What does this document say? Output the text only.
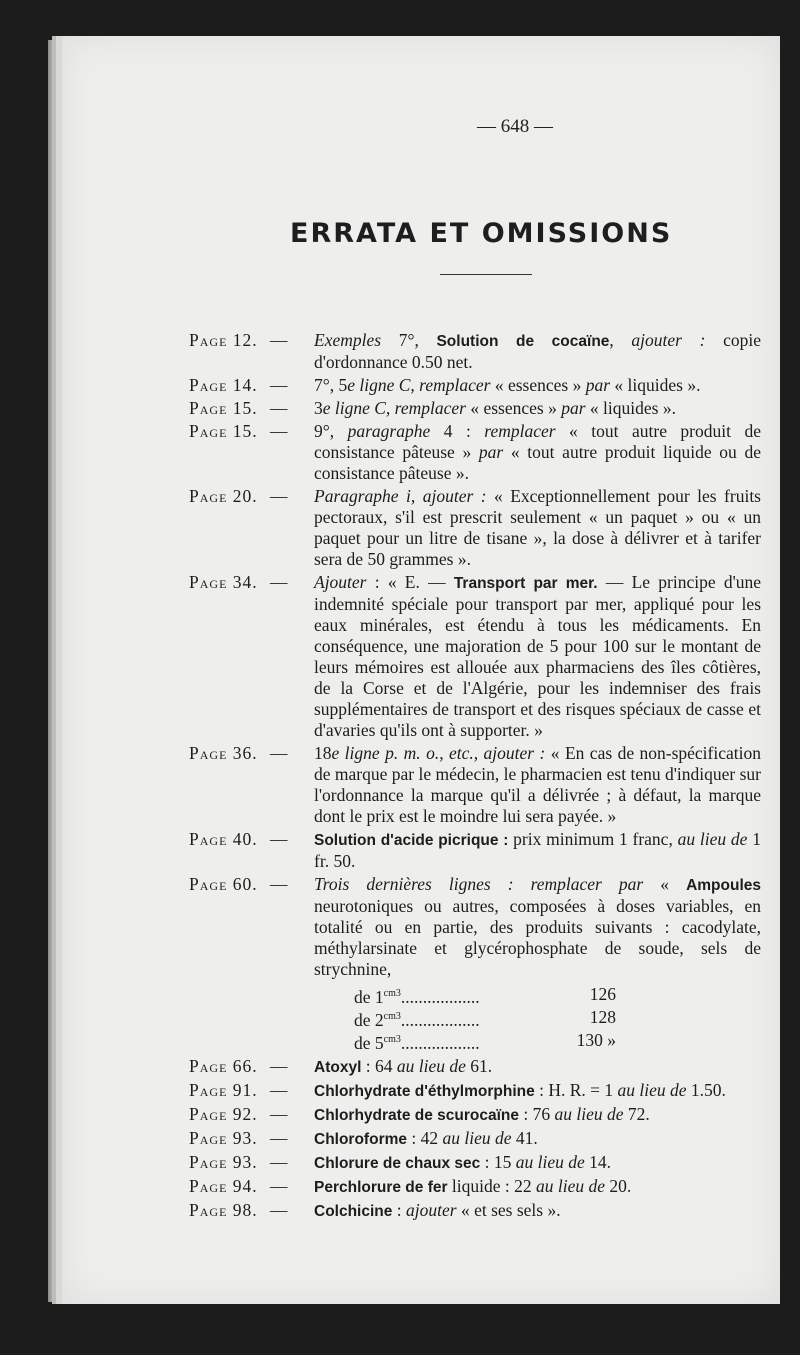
— 648 —
ERRATA ET OMISSIONS
Page 12. —	Exemples 7°, Solution de cocaïne, ajouter : copie d'ordonnance 0.50 net.
Page 14. —	7°, 5e ligne C, remplacer « essences » par « liquides ».
Page 15. —	3e ligne C, remplacer « essences » par « liquides ».
Page 15. —	9°, paragraphe 4 : remplacer « tout autre produit de consistance pâteuse » par « tout autre produit liquide ou de consistance pâteuse ».
Page 20. —	Paragraphe i, ajouter : « Exceptionnellement pour les fruits pectoraux, s'il est prescrit seulement « un paquet » ou « un paquet pour un litre de tisane », la dose à délivrer et à tarifer sera de 50 grammes ».
Page 34. —	Ajouter : « E. — Transport par mer. — Le principe d'une indemnité spéciale pour transport par mer, appliqué pour les eaux minérales, est étendu à tous les médicaments. En conséquence, une majoration de 5 pour 100 sur le montant de leurs mémoires est allouée aux pharmaciens des îles côtières, de la Corse et de l'Algérie, pour les indemniser des frais supplémentaires de transport et des risques spéciaux de casse et d'avaries qu'ils ont à supporter. »
Page 36. —	18e ligne p. m. o., etc., ajouter : « En cas de non-spécification de marque par le médecin, le pharmacien est tenu d'indiquer sur l'ordonnance la marque qu'il a délivrée ; à défaut, la marque dont le prix est le moindre lui sera payée. »
Page 40. —	Solution d'acide picrique : prix minimum 1 franc, au lieu de 1 fr. 50.
Page 60. —	Trois dernières lignes : remplacer par « Ampoules neurotoniques ou autres, composées à doses variables, en totalité ou en partie, des produits suivants : cacodylate, méthylarsinate et glycérophosphate de soude, sels de strychnine,
de $1^{cm3}$..................	126
de $2^{cm3}$..................	128
de $5^{cm3}$..................	130 »
Page 66. —	Atoxyl : 64 au lieu de 61.
Page 91. —	Chlorhydrate d'éthylmorphine : H. R. = 1 au lieu de 1.50.
Page 92. —	Chlorhydrate de scurocaïne : 76 au lieu de 72.
Page 93. —	Chloroforme : 42 au lieu de 41.
Page 93. —	Chlorure de chaux sec : 15 au lieu de 14.
Page 94. —	Perchlorure de fer liquide : 22 au lieu de 20.
Page 98. —	Colchicine : ajouter « et ses sels ».
